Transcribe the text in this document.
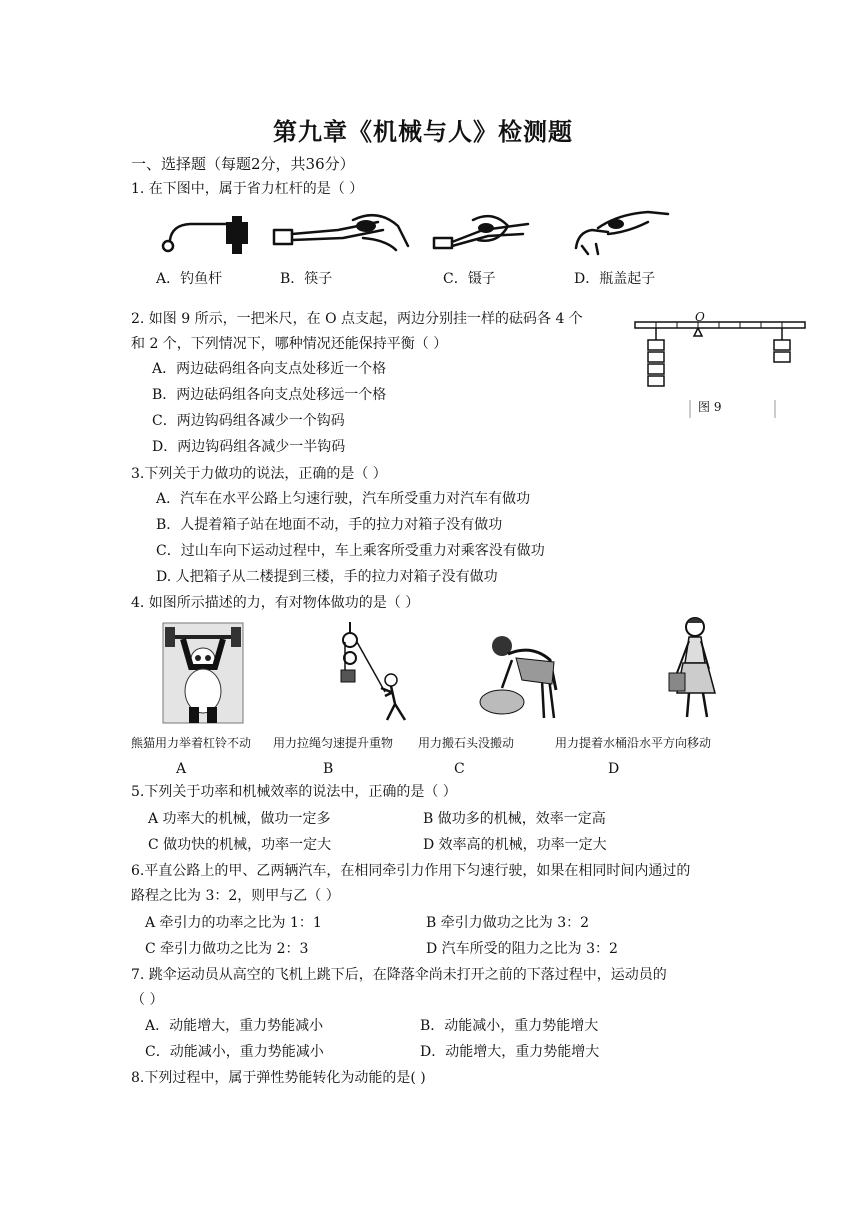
第九章《机械与人》检测题
一、选择题（每题2分，共36分）
1. 在下图中，属于省力杠杆的是（ ）
A．钓鱼杆	B．筷子	C．镊子	D．瓶盖起子
2. 如图 9 所示，一把米尺，在 O 点支起，两边分别挂一样的砝码各 4 个
和 2 个，下列情况下，哪种情况还能保持平衡（ ）
A．两边砝码组各向支点处移近一个格
B．两边砝码组各向支点处移远一个格
C．两边钩码组各减少一个钩码
D．两边钩码组各减少一半钩码
O
图 9
3.下列关于力做功的说法，正确的是（ ）
A．汽车在水平公路上匀速行驶，汽车所受重力对汽车有做功
B．人提着箱子站在地面不动，手的拉力对箱子没有做功
C．过山车向下运动过程中，车上乘客所受重力对乘客没有做功
D. 人把箱子从二楼提到三楼，手的拉力对箱子没有做功
4. 如图所示描述的力，有对物体做功的是（ ）
熊猫用力举着杠铃不动 用力拉绳匀速提升重物 用力搬石头没搬动	用力提着水桶沿水平方向移动
A	B	C	D
5.下列关于功率和机械效率的说法中，正确的是（ ）
A 功率大的机械，做功一定多	B 做功多的机械，效率一定高
C 做功快的机械，功率一定大	D 效率高的机械，功率一定大
6.平直公路上的甲、乙两辆汽车，在相同牵引力作用下匀速行驶，如果在相同时间内通过的
路程之比为 3：2，则甲与乙（ ）
A 牵引力的功率之比为 1：1	B 牵引力做功之比为 3：2
C 牵引力做功之比为 2：3	D 汽车所受的阻力之比为 3：2
7. 跳伞运动员从高空的飞机上跳下后，在降落伞尚未打开之前的下落过程中，运动员的
（ ）
A．动能增大，重力势能减小	B．动能减小，重力势能增大
C．动能减小，重力势能减小	D．动能增大，重力势能增大
8.下列过程中，属于弹性势能转化为动能的是( )
